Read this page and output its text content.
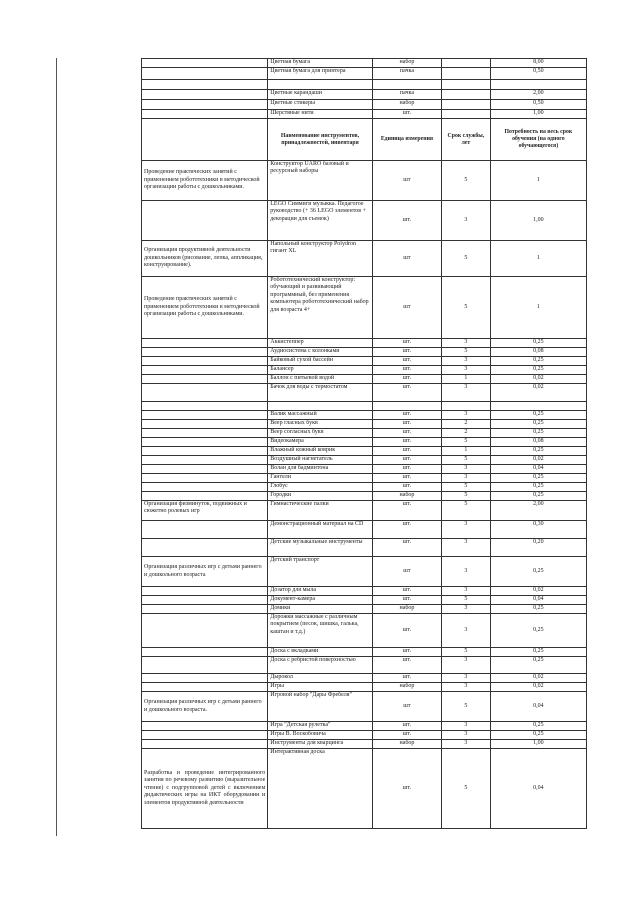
	Цветная бумага	набор		8,00
	Цветная бумага для принтера	пачка		0,50

	Цветные карандаши	пачка		2,00
	Цветные стикеры	набор		0,50
	Шерстяные нити	шт.		1,00
	Наименование инструментов, принадлежностей, инвентаря	Единица измерения	Срок службы, лет	Потребность на весь срок обучения (на одного обучающегося)
Проведение практических занятий с применением робототехники в методической организации работы с дошкольниками.	Конструктор UARO базовый и ресурсный наборы	шт	5	1
	LEGO Симмиги музыкка. Педагогое руководство (+ 36 LEGO элементов + декорации для съемок)	шт.	3	1,00
Организация продуктивной деятельности дошкольников (рисование, лепка, аппликация, конструирование).	Напольный конструктор Polydron гигант XL	шт	5	1
Проведение практических занятий с применением робототехники в методической организации работы с дошкольниками.	Робототехнический конструктор: обучающий и развивающий программный, без применения компьютера робототехнический набор для возраста 4+	шт	5	1
	Аккистеппер	шт.	3	0,25
	Аудиосистема с колонками	шт.	5	0,08
	Байковый сухой бассейн	шт.	3	0,25
	Балансер	шт.	3	0,25
	Баллон с питьевой водой	шт.	1	0,02
	Бачок для воды с термостатом	шт.	3	0,02

	Валик массажный	шт.	3	0,25
	Веер гласных букв	шт.	2	0,25
	Веер согласных букв	шт.	2	0,25
	Видеокамера	шт.	5	0,08
	Влажный кожный коврик	шт.	1	0,25
	Воздушный нагнетатель	шт.	5	0,02
	Волан для бадминтона	шт.	3	0,04
	Гантели	шт.	3	0,25
	Глобус	шт.	5	0,25
	Городки	набор	5	0,25
Организация физминуток, подвижных и сюжетно ролевых игр	Гимнастические палки	шт.	5	2,00
	Демонстрационный материал на CD	шт.	3	0,30
	Детские музыкальные инструменты	шт.	3	0,20
Организация различных игр с детьми раннего и дошкольного возраста	Детский транспорт	шт	3	0,25
	Дозатор для мыла	шт.	3	0,02
	Документ-камера	шт.	5	0,04
	Домики	набор	3	0,25
	Дорожки массажные с различным покрытием (песок, шишка, галька, каштан и т.д.)	шт.	3	0,25
	Доска с вкладками	шт.	5	0,25
	Доска с ребристой поверхностью	шт.	3	0,25
	Дырокол	шт.	3	0,02
	Игры	набор	3	0,02
Организация различных игр с детьми раннего и дошкольного возраста.	Игровой набор "Дары Фребеля"	шт	5	0,04
	Игра "Детская рулетка"	шт.	3	0,25
	Игры В. Воскобовича	шт.	3	0,25
	Инструменты для кварцинга	набор	3	1,00
Разработка и проведение интегрированного занятия по речевому развитию (выразительное чтение) с подгрупповой детей с включением дидактических игры на ИКТ оборудовании и элементов продуктивной деятельности	Интерактивная доска	шт.	5	0,04
